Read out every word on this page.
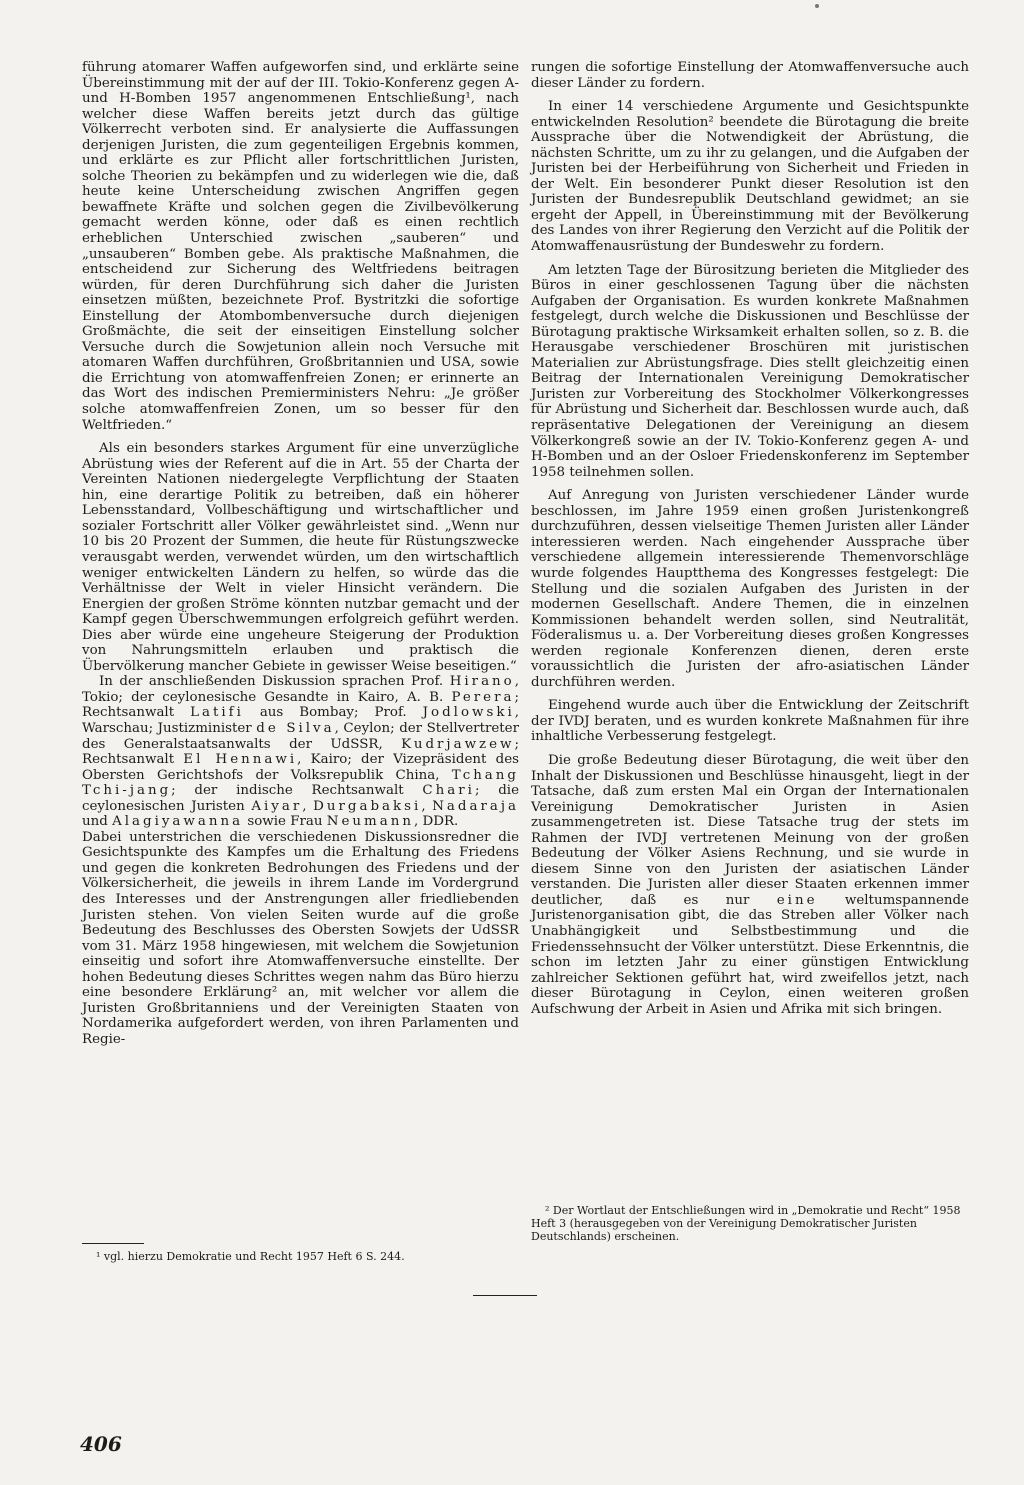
führung atomarer Waffen aufgeworfen sind, und erklärte seine Übereinstimmung mit der auf der III. Tokio-Konferenz gegen A- und H-Bomben 1957 angenommenen Entschließung¹, nach welcher diese Waffen bereits jetzt durch das gültige Völkerrecht verboten sind. Er analysierte die Auffassungen derjenigen Juristen, die zum gegenteiligen Ergebnis kommen, und erklärte es zur Pflicht aller fortschrittlichen Juristen, solche Theorien zu bekämpfen und zu widerlegen wie die, daß heute keine Unterscheidung zwischen Angriffen gegen bewaffnete Kräfte und solchen gegen die Zivilbevölkerung gemacht werden könne, oder daß es einen rechtlich erheblichen Unterschied zwischen „sauberen“ und „unsauberen“ Bomben gebe. Als praktische Maßnahmen, die entscheidend zur Sicherung des Weltfriedens beitragen würden, für deren Durchführung sich daher die Juristen einsetzen müßten, bezeichnete Prof. Bystritzki die sofortige Einstellung der Atombombenversuche durch diejenigen Großmächte, die seit der einseitigen Einstellung solcher Versuche durch die Sowjetunion allein noch Versuche mit atomaren Waffen durchführen, Großbritannien und USA, sowie die Errichtung von atomwaffenfreien Zonen; er erinnerte an das Wort des indischen Premierministers Nehru: „Je größer solche atomwaffenfreien Zonen, um so besser für den Weltfrieden.“

Als ein besonders starkes Argument für eine unverzügliche Abrüstung wies der Referent auf die in Art. 55 der Charta der Vereinten Nationen niedergelegte Verpflichtung der Staaten hin, eine derartige Politik zu betreiben, daß ein höherer Lebensstandard, Vollbeschäftigung und wirtschaftlicher und sozialer Fortschritt aller Völker gewährleistet sind. „Wenn nur 10 bis 20 Prozent der Summen, die heute für Rüstungszwecke verausgabt werden, verwendet würden, um den wirtschaftlich weniger entwickelten Ländern zu helfen, so würde das die Verhältnisse der Welt in vieler Hinsicht verändern. Die Energien der großen Ströme könnten nutzbar gemacht und der Kampf gegen Überschwemmungen erfolgreich geführt werden. Dies aber würde eine ungeheure Steigerung der Produktion von Nahrungsmitteln erlauben und praktisch die Übervölkerung mancher Gebiete in gewisser Weise beseitigen.“

In der anschließenden Diskussion sprachen Prof. Hirano, Tokio; der ceylonesische Gesandte in Kairo, A. B. Perera; Rechtsanwalt Latifi aus Bombay; Prof. Jodlowski, Warschau; Justizminister de Silva, Ceylon; der Stellvertreter des Generalstaatsanwalts der UdSSR, Kudrjawzew; Rechtsanwalt El Hennawi, Kairo; der Vizepräsident des Obersten Gerichtshofs der Volksrepublik China, Tchang Tchi-jang; der indische Rechtsanwalt Chari; die ceylonesischen Juristen Aiyar, Durgabaksi, Nadaraja und Alagiyawanna sowie Frau Neumann, DDR.

Dabei unterstrichen die verschiedenen Diskussionsredner die Gesichtspunkte des Kampfes um die Erhaltung des Friedens und gegen die konkreten Bedrohungen des Friedens und der Völkersicherheit, die jeweils in ihrem Lande im Vordergrund des Interesses und der Anstrengungen aller friedliebenden Juristen stehen. Von vielen Seiten wurde auf die große Bedeutung des Beschlusses des Obersten Sowjets der UdSSR vom 31. März 1958 hingewiesen, mit welchem die Sowjetunion einseitig und sofort ihre Atomwaffenversuche einstellte. Der hohen Bedeutung dieses Schrittes wegen nahm das Büro hierzu eine besondere Erklärung² an, mit welcher vor allem die Juristen Großbritanniens und der Vereinigten Staaten von Nordamerika aufgefordert werden, von ihren Parlamenten und Regie-

rungen die sofortige Einstellung der Atomwaffenversuche auch dieser Länder zu fordern.

In einer 14 verschiedene Argumente und Gesichtspunkte entwickelnden Resolution² beendete die Bürotagung die breite Aussprache über die Notwendigkeit der Abrüstung, die nächsten Schritte, um zu ihr zu gelangen, und die Aufgaben der Juristen bei der Herbeiführung von Sicherheit und Frieden in der Welt. Ein besonderer Punkt dieser Resolution ist den Juristen der Bundesrepublik Deutschland gewidmet; an sie ergeht der Appell, in Übereinstimmung mit der Bevölkerung des Landes von ihrer Regierung den Verzicht auf die Politik der Atomwaffenausrüstung der Bundeswehr zu fordern.

Am letzten Tage der Bürositzung berieten die Mitglieder des Büros in einer geschlossenen Tagung über die nächsten Aufgaben der Organisation. Es wurden konkrete Maßnahmen festgelegt, durch welche die Diskussionen und Beschlüsse der Bürotagung praktische Wirksamkeit erhalten sollen, so z. B. die Herausgabe verschiedener Broschüren mit juristischen Materialien zur Abrüstungsfrage. Dies stellt gleichzeitig einen Beitrag der Internationalen Vereinigung Demokratischer Juristen zur Vorbereitung des Stockholmer Völkerkongresses für Abrüstung und Sicherheit dar. Beschlossen wurde auch, daß repräsentative Delegationen der Vereinigung an diesem Völkerkongreß sowie an der IV. Tokio-Konferenz gegen A- und H-Bomben und an der Osloer Friedenskonferenz im September 1958 teilnehmen sollen.

Auf Anregung von Juristen verschiedener Länder wurde beschlossen, im Jahre 1959 einen großen Juristenkongreß durchzuführen, dessen vielseitige Themen Juristen aller Länder interessieren werden. Nach eingehender Aussprache über verschiedene allgemein interessierende Themenvorschläge wurde folgendes Hauptthema des Kongresses festgelegt: Die Stellung und die sozialen Aufgaben des Juristen in der modernen Gesellschaft. Andere Themen, die in einzelnen Kommissionen behandelt werden sollen, sind Neutralität, Föderalismus u. a. Der Vorbereitung dieses großen Kongresses werden regionale Konferenzen dienen, deren erste voraussichtlich die Juristen der afro-asiatischen Länder durchführen werden.

Eingehend wurde auch über die Entwicklung der Zeitschrift der IVDJ beraten, und es wurden konkrete Maßnahmen für ihre inhaltliche Verbesserung festgelegt.

Die große Bedeutung dieser Bürotagung, die weit über den Inhalt der Diskussionen und Beschlüsse hinausgeht, liegt in der Tatsache, daß zum ersten Mal ein Organ der Internationalen Vereinigung Demokratischer Juristen in Asien zusammengetreten ist. Diese Tatsache trug der stets im Rahmen der IVDJ vertretenen Meinung von der großen Bedeutung der Völker Asiens Rechnung, und sie wurde in diesem Sinne von den Juristen der asiatischen Länder verstanden. Die Juristen aller dieser Staaten erkennen immer deutlicher, daß es nur eine weltumspannende Juristenorganisation gibt, die das Streben aller Völker nach Unabhängigkeit und Selbstbestimmung und die Friedenssehnsucht der Völker unterstützt. Diese Erkenntnis, die schon im letzten Jahr zu einer günstigen Entwicklung zahlreicher Sektionen geführt hat, wird zweifellos jetzt, nach dieser Bürotagung in Ceylon, einen weiteren großen Aufschwung der Arbeit in Asien und Afrika mit sich bringen.

¹ vgl. hierzu Demokratie und Recht 1957 Heft 6 S. 244.
² Der Wortlaut der Entschließungen wird in „Demokratie und Recht“ 1958 Heft 3 (herausgegeben von der Vereinigung Demokratischer Juristen Deutschlands) erscheinen.
406
